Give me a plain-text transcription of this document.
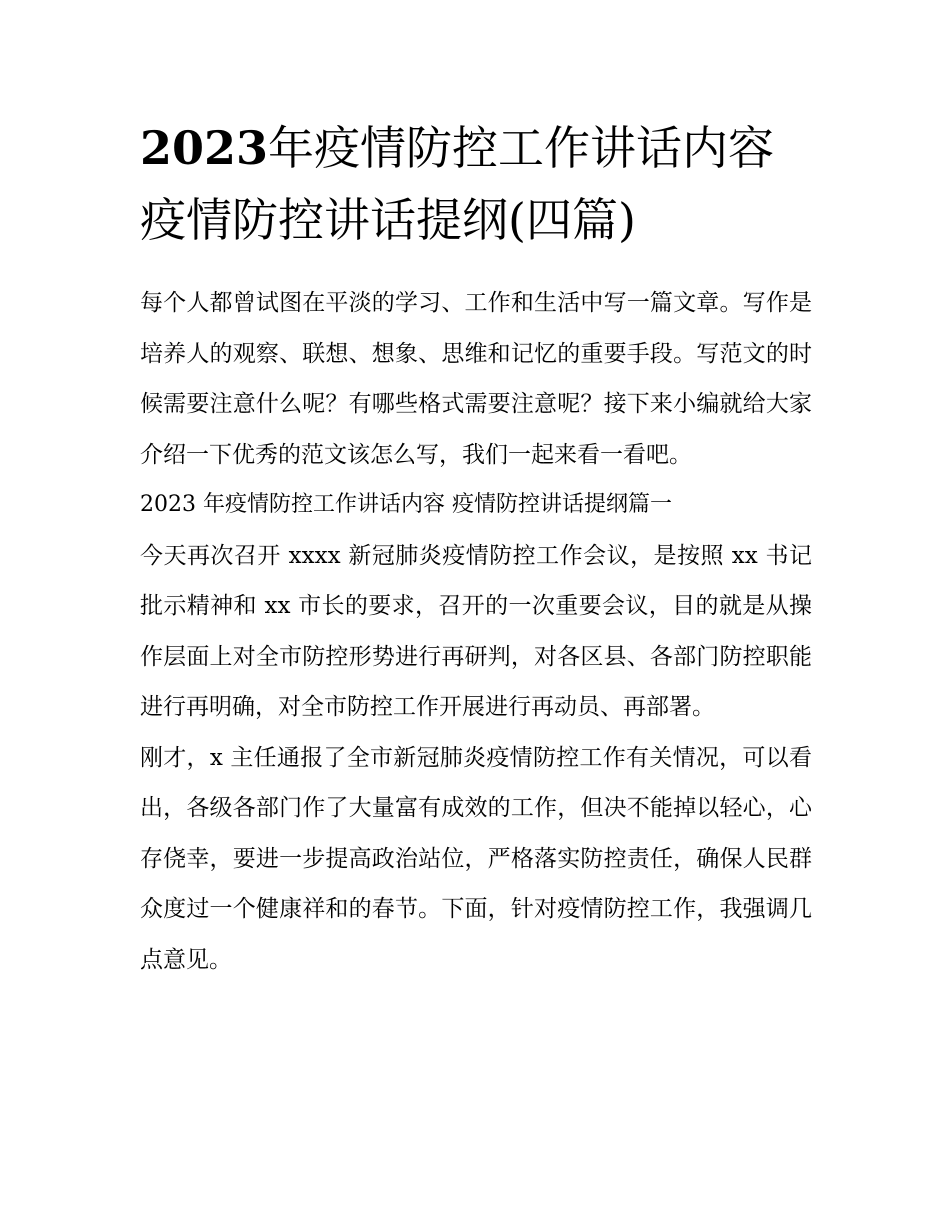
2023年疫情防控工作讲话内容
疫情防控讲话提纲(四篇)

每个人都曾试图在平淡的学习、工作和生活中写一篇文章。写作是培养人的观察、联想、想象、思维和记忆的重要手段。写范文的时候需要注意什么呢？有哪些格式需要注意呢？接下来小编就给大家介绍一下优秀的范文该怎么写，我们一起来看一看吧。

2023 年疫情防控工作讲话内容 疫情防控讲话提纲篇一

今天再次召开 xxxx 新冠肺炎疫情防控工作会议，是按照 xx 书记批示精神和 xx 市长的要求，召开的一次重要会议，目的就是从操作层面上对全市防控形势进行再研判，对各区县、各部门防控职能进行再明确，对全市防控工作开展进行再动员、再部署。

刚才，x 主任通报了全市新冠肺炎疫情防控工作有关情况，可以看出，各级各部门作了大量富有成效的工作，但决不能掉以轻心，心存侥幸，要进一步提高政治站位，严格落实防控责任，确保人民群众度过一个健康祥和的春节。下面，针对疫情防控工作，我强调几点意见。
